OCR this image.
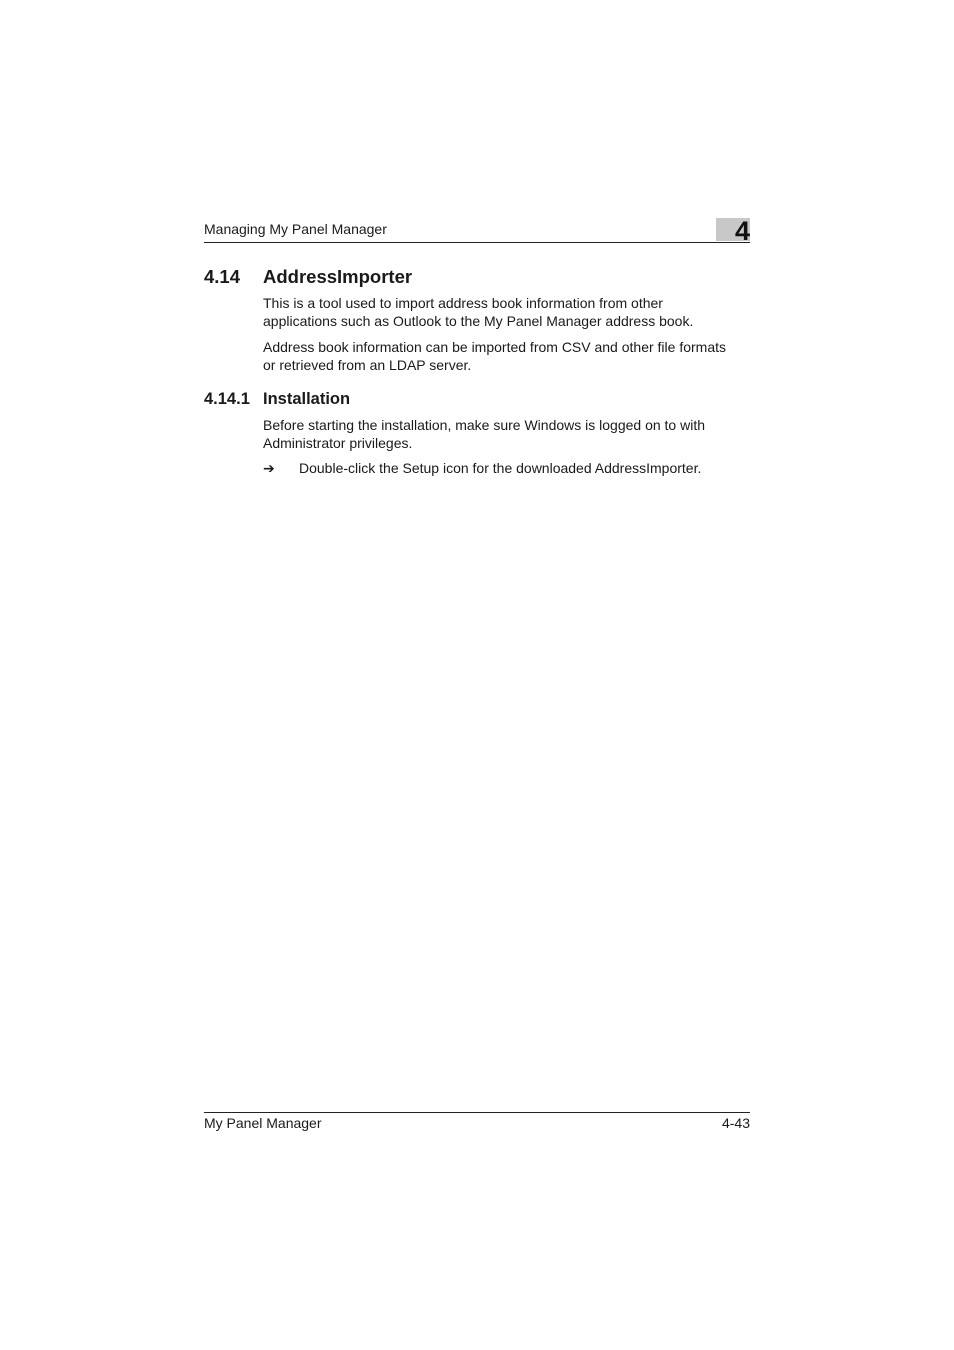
Managing My Panel Manager	4
4.14 AddressImporter

This is a tool used to import address book information from other

applications such as Outlook to the My Panel Manager address book.

Address book information can be imported from CSV and other file formats

or retrieved from an LDAP server.

4.14.1 Installation

Before starting the installation, make sure Windows is logged on to with

Administrator privileges.

➔ Double-click the Setup icon for the downloaded AddressImporter.
My Panel Manager	4-43
